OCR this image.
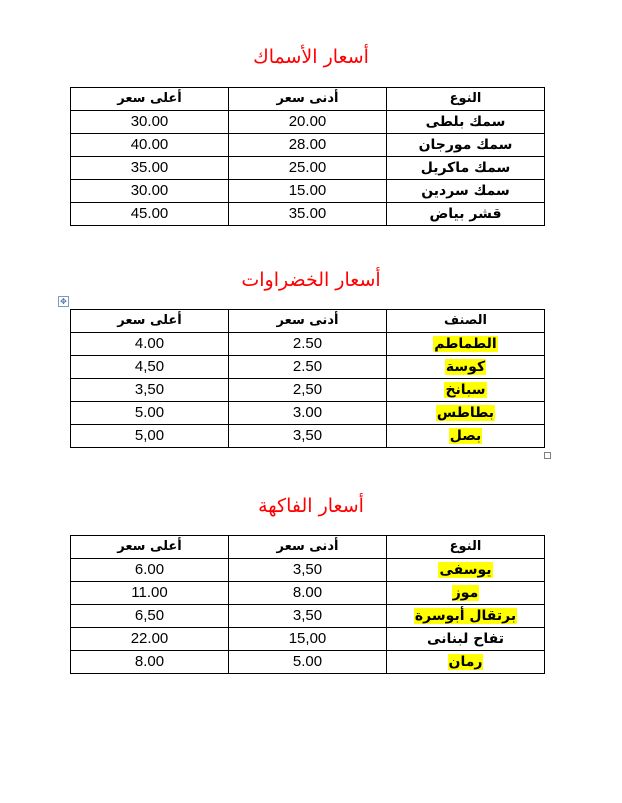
أسعار الأسماك
أعلى سعر	أدنى سعر	النوع
30.00	20.00	سمك بلطى
40.00	28.00	سمك مورجان
35.00	25.00	سمك ماكريل
30.00	15.00	سمك سردين
45.00	35.00	قشر بياض
أسعار الخضراوات
✥
أعلى سعر	أدنى سعر	الصنف
4.00	2.50	الطماطم
4,50	2.50	كوسة
3,50	2,50	سبانخ
5.00	3.00	بطاطس
5,00	3,50	بصل
أسعار الفاكهة
أعلى سعر	أدنى سعر	النوع
6.00	3,50	يوسفى
11.00	8.00	موز
6,50	3,50	برتقال أبوسرة
22.00	15,00	تفاح لبنانى
8.00	5.00	رمان
